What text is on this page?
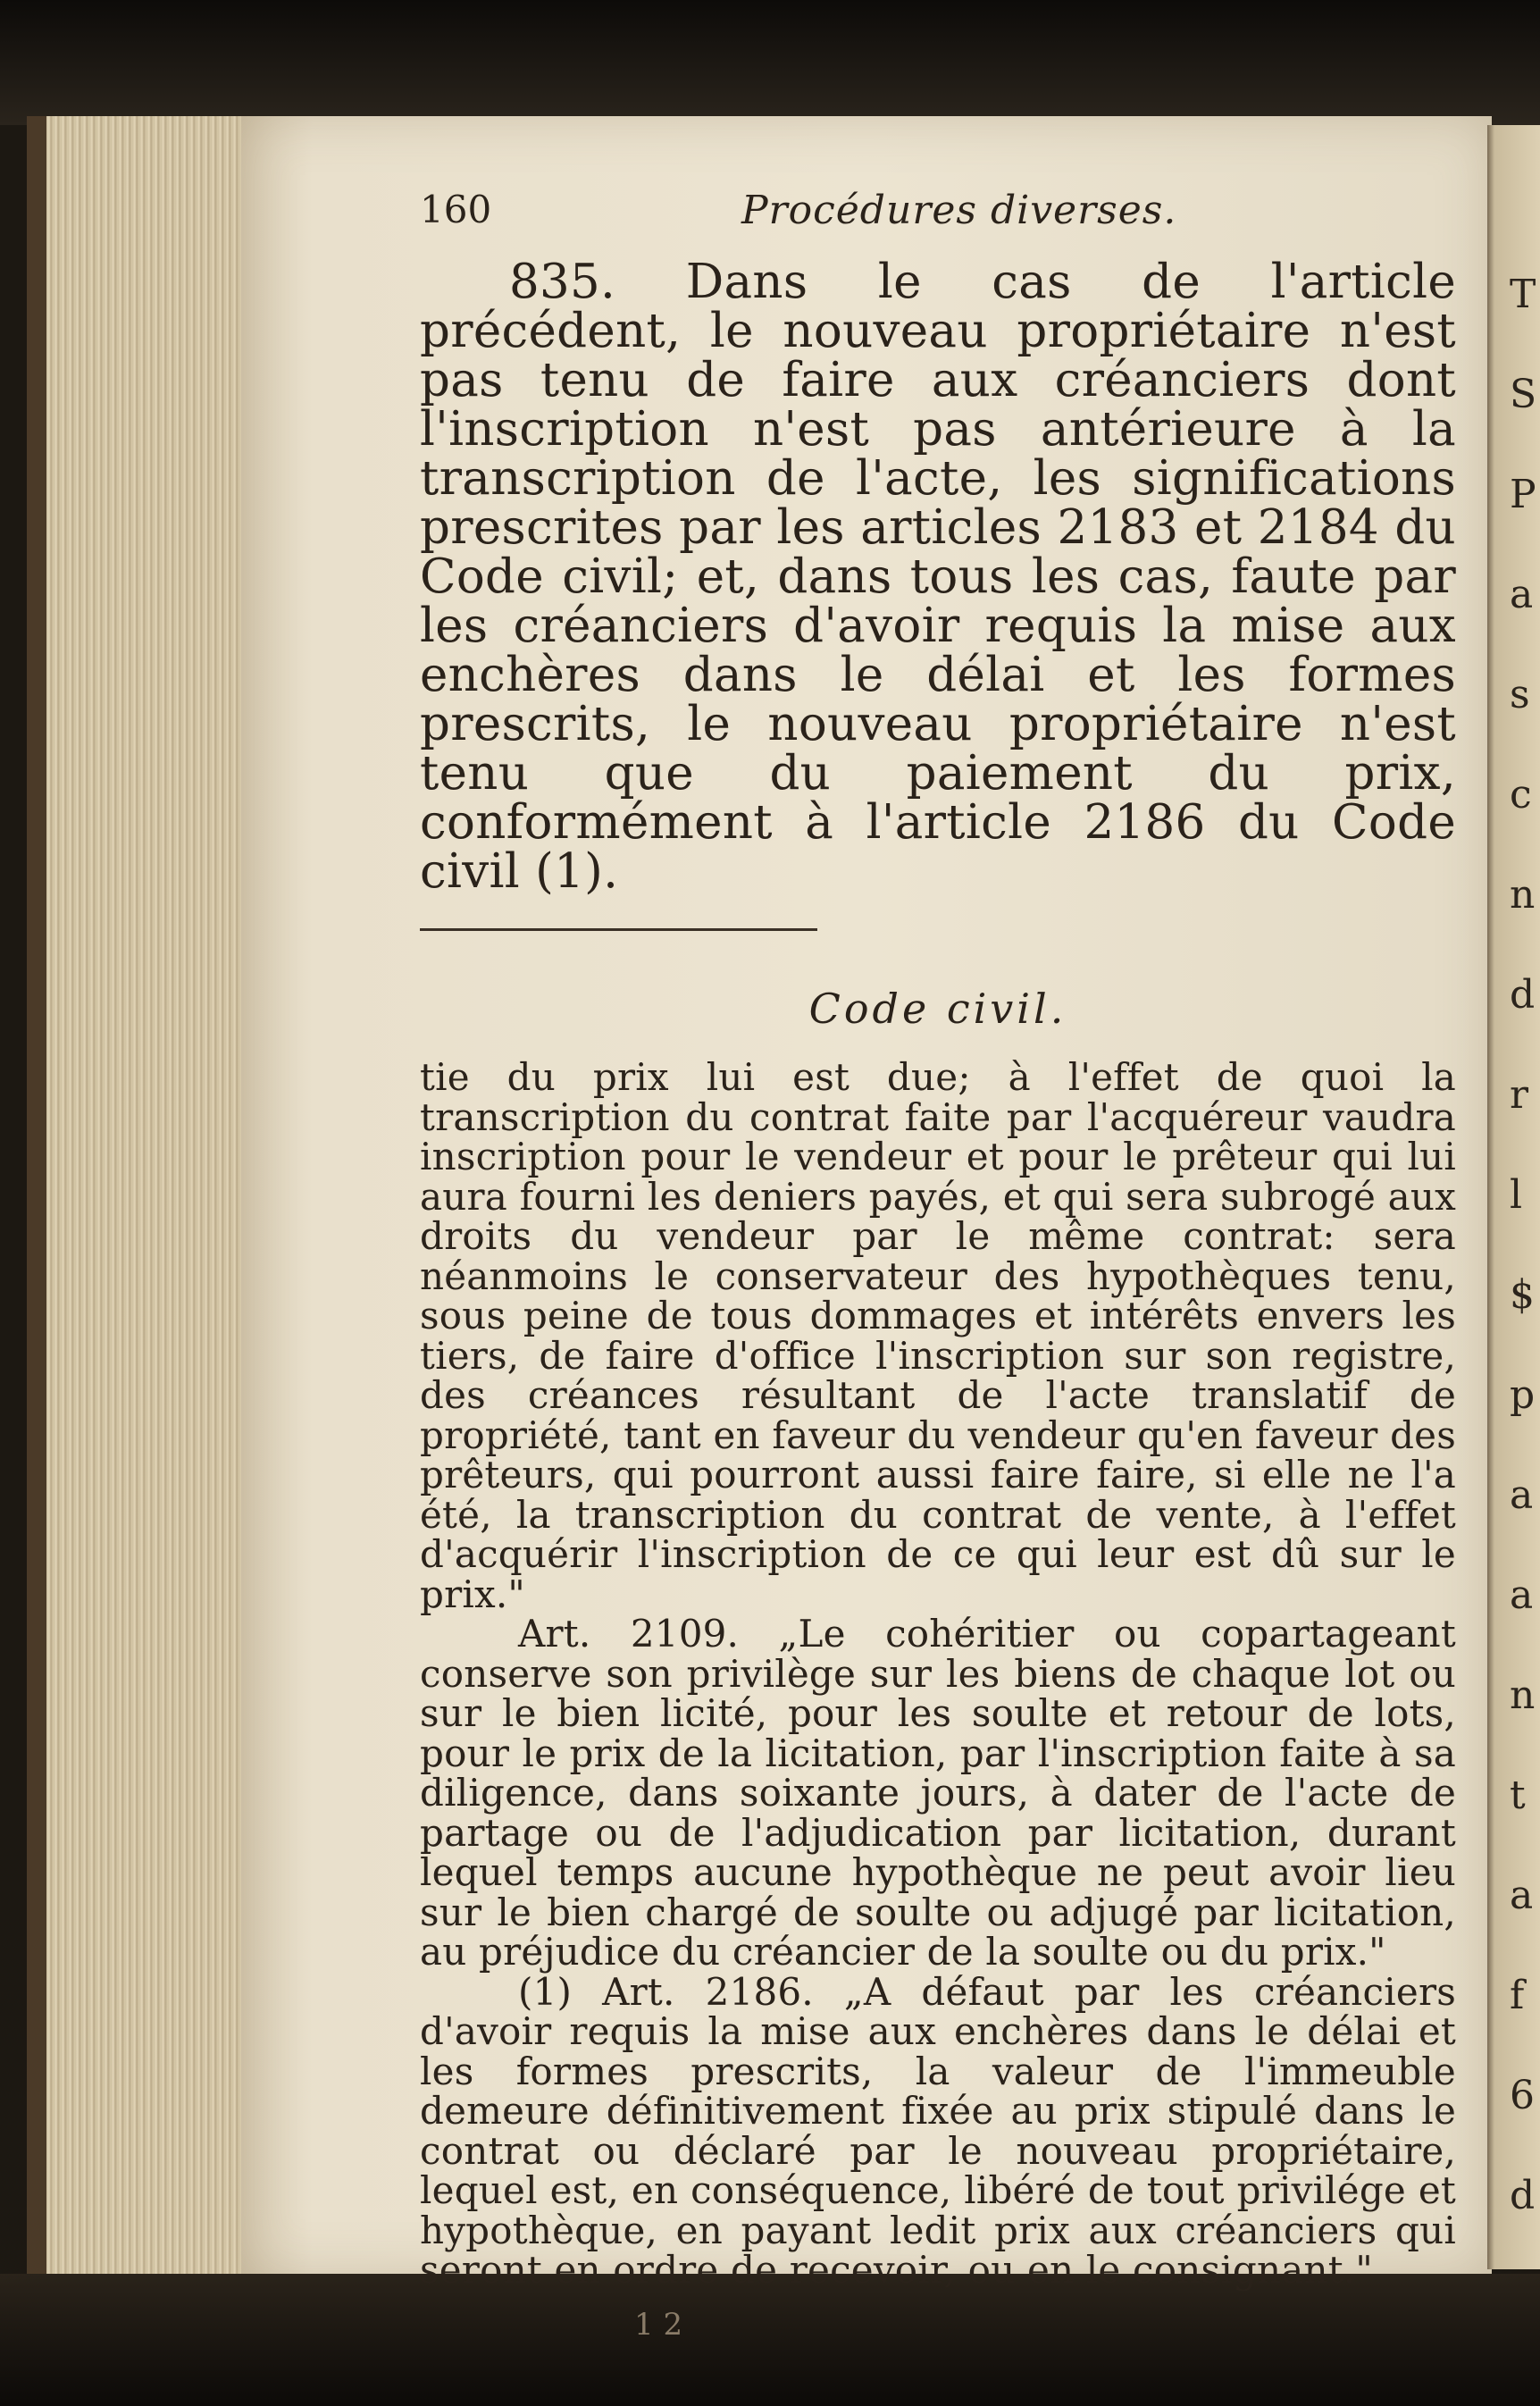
T
S
P
a
s
c
n
d
r
l
$
p
a
a
n
t
a
f
6
d
160	Procédures diverses.

835. Dans le cas de l'article précédent, le nouveau propriétaire n'est pas tenu de faire aux créanciers dont l'inscription n'est pas antérieure à la transcription de l'acte, les significations prescrites par les articles 2183 et 2184 du Code civil; et, dans tous les cas, faute par les créanciers d'avoir requis la mise aux enchères dans le délai et les formes prescrits, le nouveau propriétaire n'est tenu que du paiement du prix, conformément à l'article 2186 du Code civil (1).

Code civil.

tie du prix lui est due; à l'effet de quoi la transcription du contrat faite par l'acquéreur vaudra inscription pour le vendeur et pour le prêteur qui lui aura fourni les deniers payés, et qui sera subrogé aux droits du vendeur par le même contrat: sera néanmoins le conservateur des hypothèques tenu, sous peine de tous dommages et intérêts envers les tiers, de faire d'office l'inscription sur son registre, des créances résultant de l'acte translatif de propriété, tant en faveur du vendeur qu'en faveur des prêteurs, qui pourront aussi faire faire, si elle ne l'a été, la transcription du contrat de vente, à l'effet d'acquérir l'inscription de ce qui leur est dû sur le prix."

Art. 2109. „Le cohéritier ou copartageant conserve son privilège sur les biens de chaque lot ou sur le bien licité, pour les soulte et retour de lots, pour le prix de la licitation, par l'inscription faite à sa diligence, dans soixante jours, à dater de l'acte de partage ou de l'adjudication par licitation, durant lequel temps aucune hypothèque ne peut avoir lieu sur le bien chargé de soulte ou adjugé par licitation, au préjudice du créancier de la soulte ou du prix."

(1) Art. 2186. „A défaut par les créanciers d'avoir requis la mise aux enchères dans le délai et les formes prescrits, la valeur de l'immeuble demeure définitivement fixée au prix stipulé dans le contrat ou déclaré par le nouveau propriétaire, lequel est, en conséquence, libéré de tout privilége et hypothèque, en payant ledit prix aux créanciers qui seront en ordre de recevoir, ou en le consignant."

1 2
